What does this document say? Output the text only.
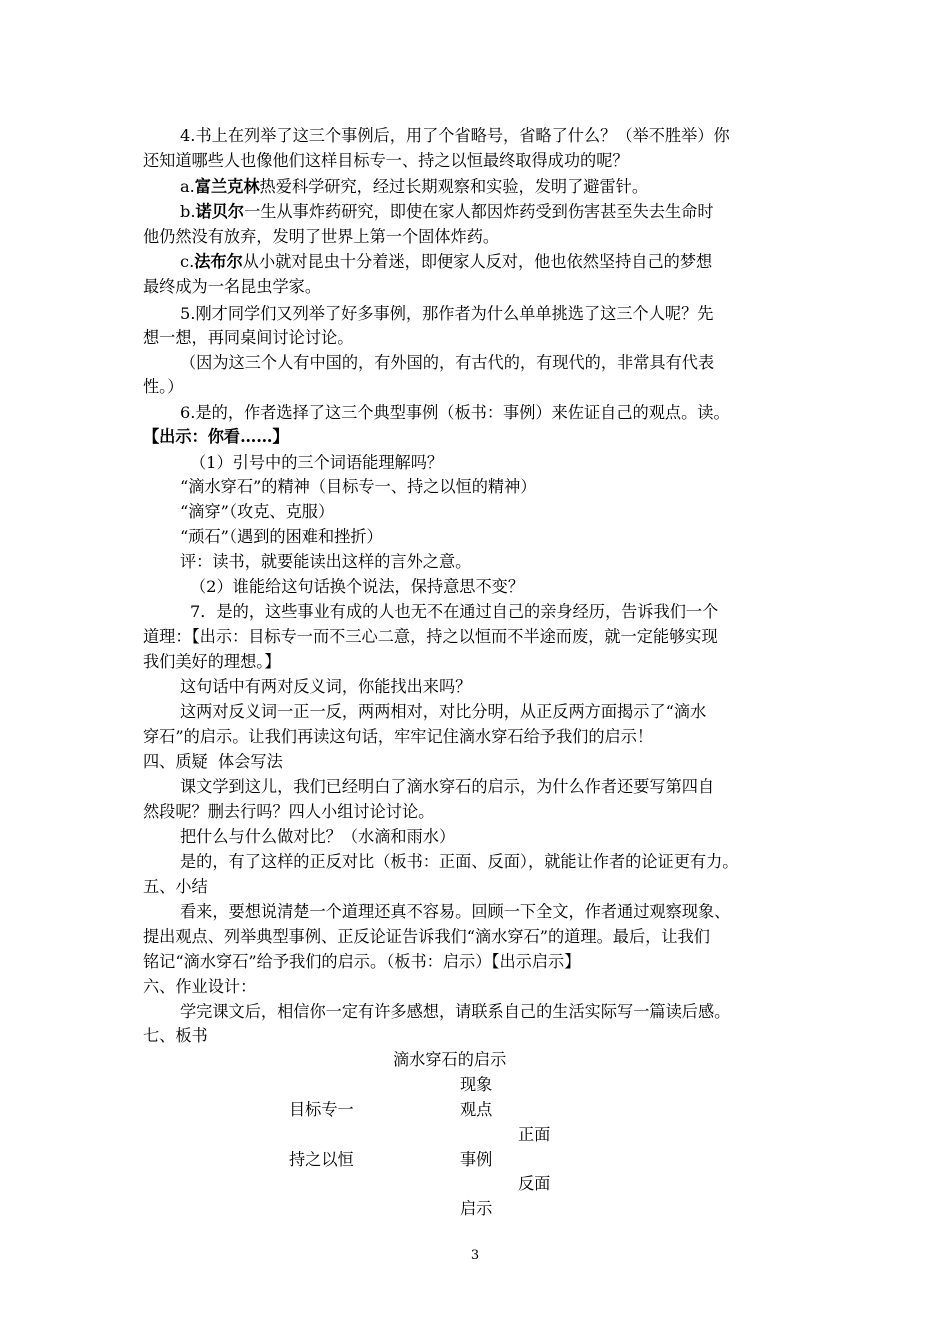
4.书上在列举了这三个事例后，用了个省略号，省略了什么？（举不胜举）你

还知道哪些人也像他们这样目标专一、持之以恒最终取得成功的呢？

a.富兰克林热爱科学研究，经过长期观察和实验，发明了避雷针。

b.诺贝尔一生从事炸药研究，即使在家人都因炸药受到伤害甚至失去生命时

他仍然没有放弃，发明了世界上第一个固体炸药。

c.法布尔从小就对昆虫十分着迷，即便家人反对，他也依然坚持自己的梦想

最终成为一名昆虫学家。

5.刚才同学们又列举了好多事例，那作者为什么单单挑选了这三个人呢？先

想一想，再同桌间讨论讨论。

（因为这三个人有中国的，有外国的，有古代的，有现代的，非常具有代表

性。）

6.是的，作者选择了这三个典型事例（板书：事例）来佐证自己的观点。读。

【出示：你看……】

（1）引号中的三个词语能理解吗？

“滴水穿石”的精神（目标专一、持之以恒的精神）

“滴穿”（攻克、克服）

“顽石”（遇到的困难和挫折）

评：读书，就要能读出这样的言外之意。

（2）谁能给这句话换个说法，保持意思不变？

7．是的，这些事业有成的人也无不在通过自己的亲身经历，告诉我们一个

道理：【出示：目标专一而不三心二意，持之以恒而不半途而废，就一定能够实现

我们美好的理想。】

这句话中有两对反义词，你能找出来吗？

这两对反义词一正一反，两两相对，对比分明，从正反两方面揭示了“滴水

穿石”的启示。让我们再读这句话，牢牢记住滴水穿石给予我们的启示！

四、质疑  体会写法

课文学到这儿，我们已经明白了滴水穿石的启示，为什么作者还要写第四自

然段呢？删去行吗？四人小组讨论讨论。

把什么与什么做对比？（水滴和雨水）

是的，有了这样的正反对比（板书：正面、反面），就能让作者的论证更有力。

五、小结

看来，要想说清楚一个道理还真不容易。回顾一下全文，作者通过观察现象、

提出观点、列举典型事例、正反论证告诉我们“滴水穿石”的道理。最后，让我们

铭记“滴水穿石”给予我们的启示。（板书：启示）【出示启示】

六、作业设计：

学完课文后，相信你一定有许多感想，请联系自己的生活实际写一篇读后感。

七、板书

滴水穿石的启示

现象

目标专一	观点

正面

持之以恒	事例

反面

启示

3
